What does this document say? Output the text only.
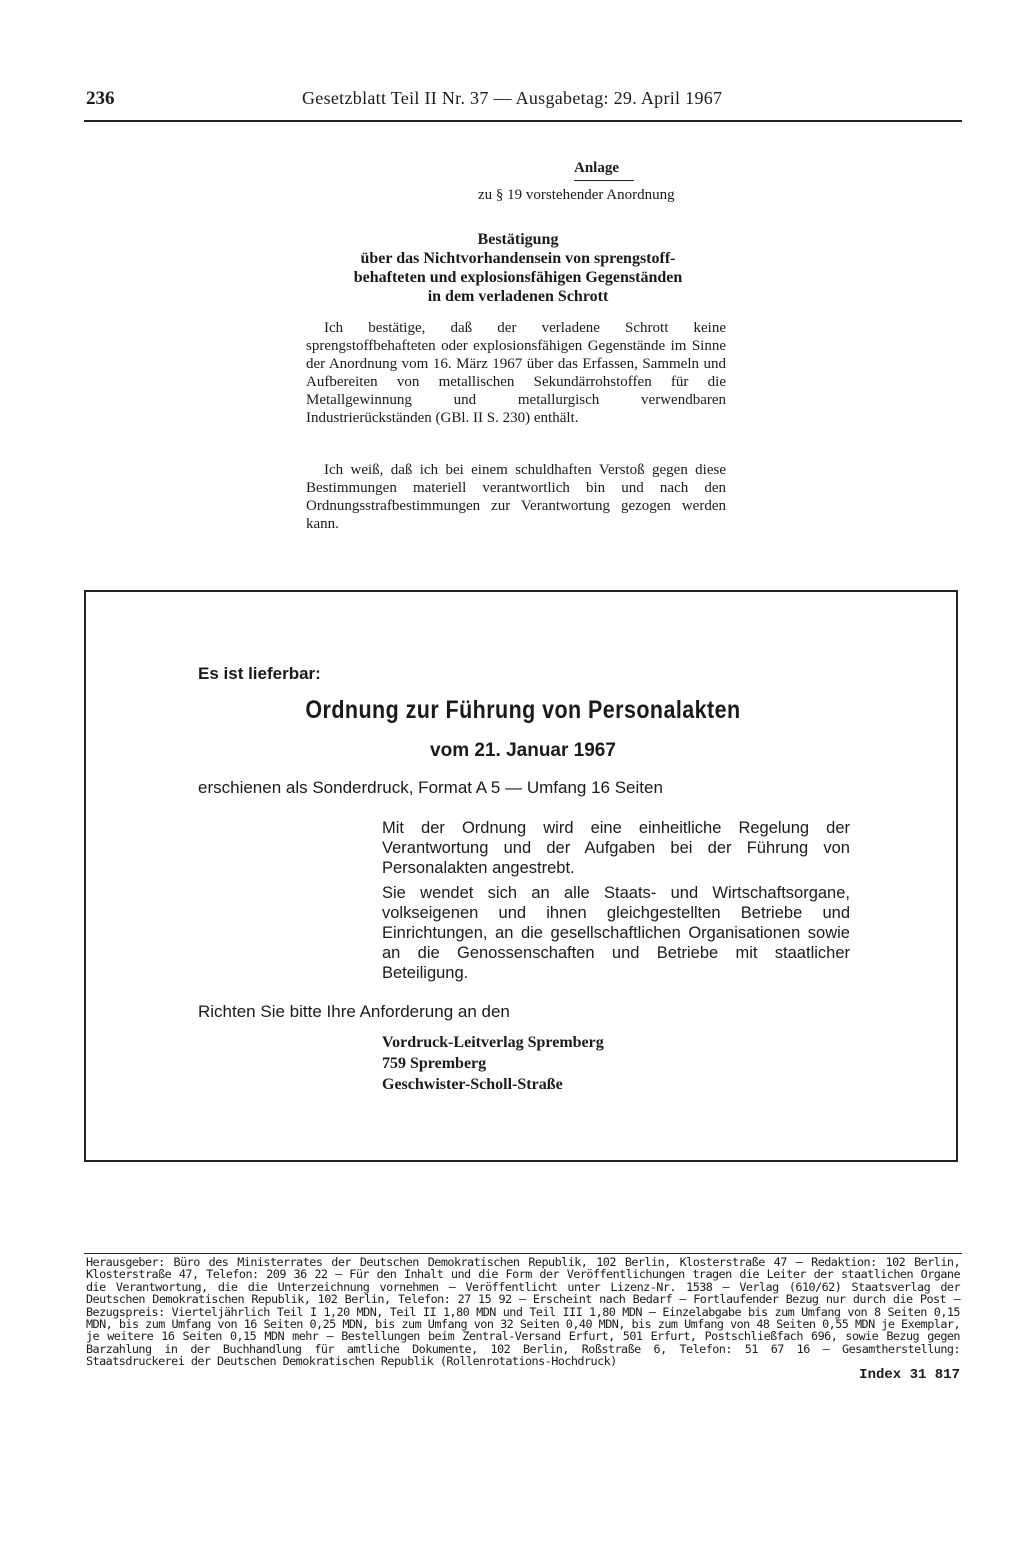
236	Gesetzblatt Teil II Nr. 37 — Ausgabetag: 29. April 1967
Anlage
zu § 19 vorstehender Anordnung
Bestätigung
über das Nichtvorhandensein von sprengstoff-
behafteten und explosionsfähigen Gegenständen
in dem verladenen Schrott

Ich bestätige, daß der verladene Schrott keine sprengstoffbehafteten oder explosionsfähigen Gegenstände im Sinne der Anordnung vom 16. März 1967 über das Erfassen, Sammeln und Aufbereiten von metallischen Sekundärrohstoffen für die Metallgewinnung und metallurgisch verwendbaren Industrierückständen (GBl. II S. 230) enthält.

Ich weiß, daß ich bei einem schuldhaften Verstoß gegen diese Bestimmungen materiell verantwortlich bin und nach den Ordnungsstrafbestimmungen zur Verantwortung gezogen werden kann.

Es ist lieferbar:
Ordnung zur Führung von Personalakten
vom 21. Januar 1967
erschienen als Sonderdruck, Format A 5 — Umfang 16 Seiten

Mit der Ordnung wird eine einheitliche Regelung der Verantwortung und der Aufgaben bei der Führung von Personalakten angestrebt.

Sie wendet sich an alle Staats- und Wirtschaftsorgane, volkseigenen und ihnen gleichgestellten Betriebe und Einrichtungen, an die gesellschaftlichen Organisationen sowie an die Genossenschaften und Betriebe mit staatlicher Beteiligung.

Richten Sie bitte Ihre Anforderung an den
Vordruck-Leitverlag Spremberg
759 Spremberg
Geschwister-Scholl-Straße

Herausgeber: Büro des Ministerrates der Deutschen Demokratischen Republik, 102 Berlin, Klosterstraße 47 — Redaktion: 102 Berlin, Klosterstraße 47, Telefon: 209 36 22 — Für den Inhalt und die Form der Veröffentlichungen tragen die Leiter der staatlichen Organe die Verantwortung, die die Unterzeichnung vornehmen — Veröffentlicht unter Lizenz-Nr. 1538 — Verlag (610/62) Staatsverlag der Deutschen Demokratischen Republik, 102 Berlin, Telefon: 27 15 92 — Erscheint nach Bedarf — Fortlaufender Bezug nur durch die Post — Bezugspreis: Vierteljährlich Teil I 1,20 MDN, Teil II 1,80 MDN und Teil III 1,80 MDN — Einzelabgabe bis zum Umfang von 8 Seiten 0,15 MDN, bis zum Umfang von 16 Seiten 0,25 MDN, bis zum Umfang von 32 Seiten 0,40 MDN, bis zum Umfang von 48 Seiten 0,55 MDN je Exemplar, je weitere 16 Seiten 0,15 MDN mehr — Bestellungen beim Zentral-Versand Erfurt, 501 Erfurt, Postschließfach 696, sowie Bezug gegen Barzahlung in der Buchhandlung für amtliche Dokumente, 102 Berlin, Roßstraße 6, Telefon: 51 67 16 — Gesamtherstellung: Staatsdruckerei der Deutschen Demokratischen Republik (Rollenrotations-Hochdruck)

Index 31 817
